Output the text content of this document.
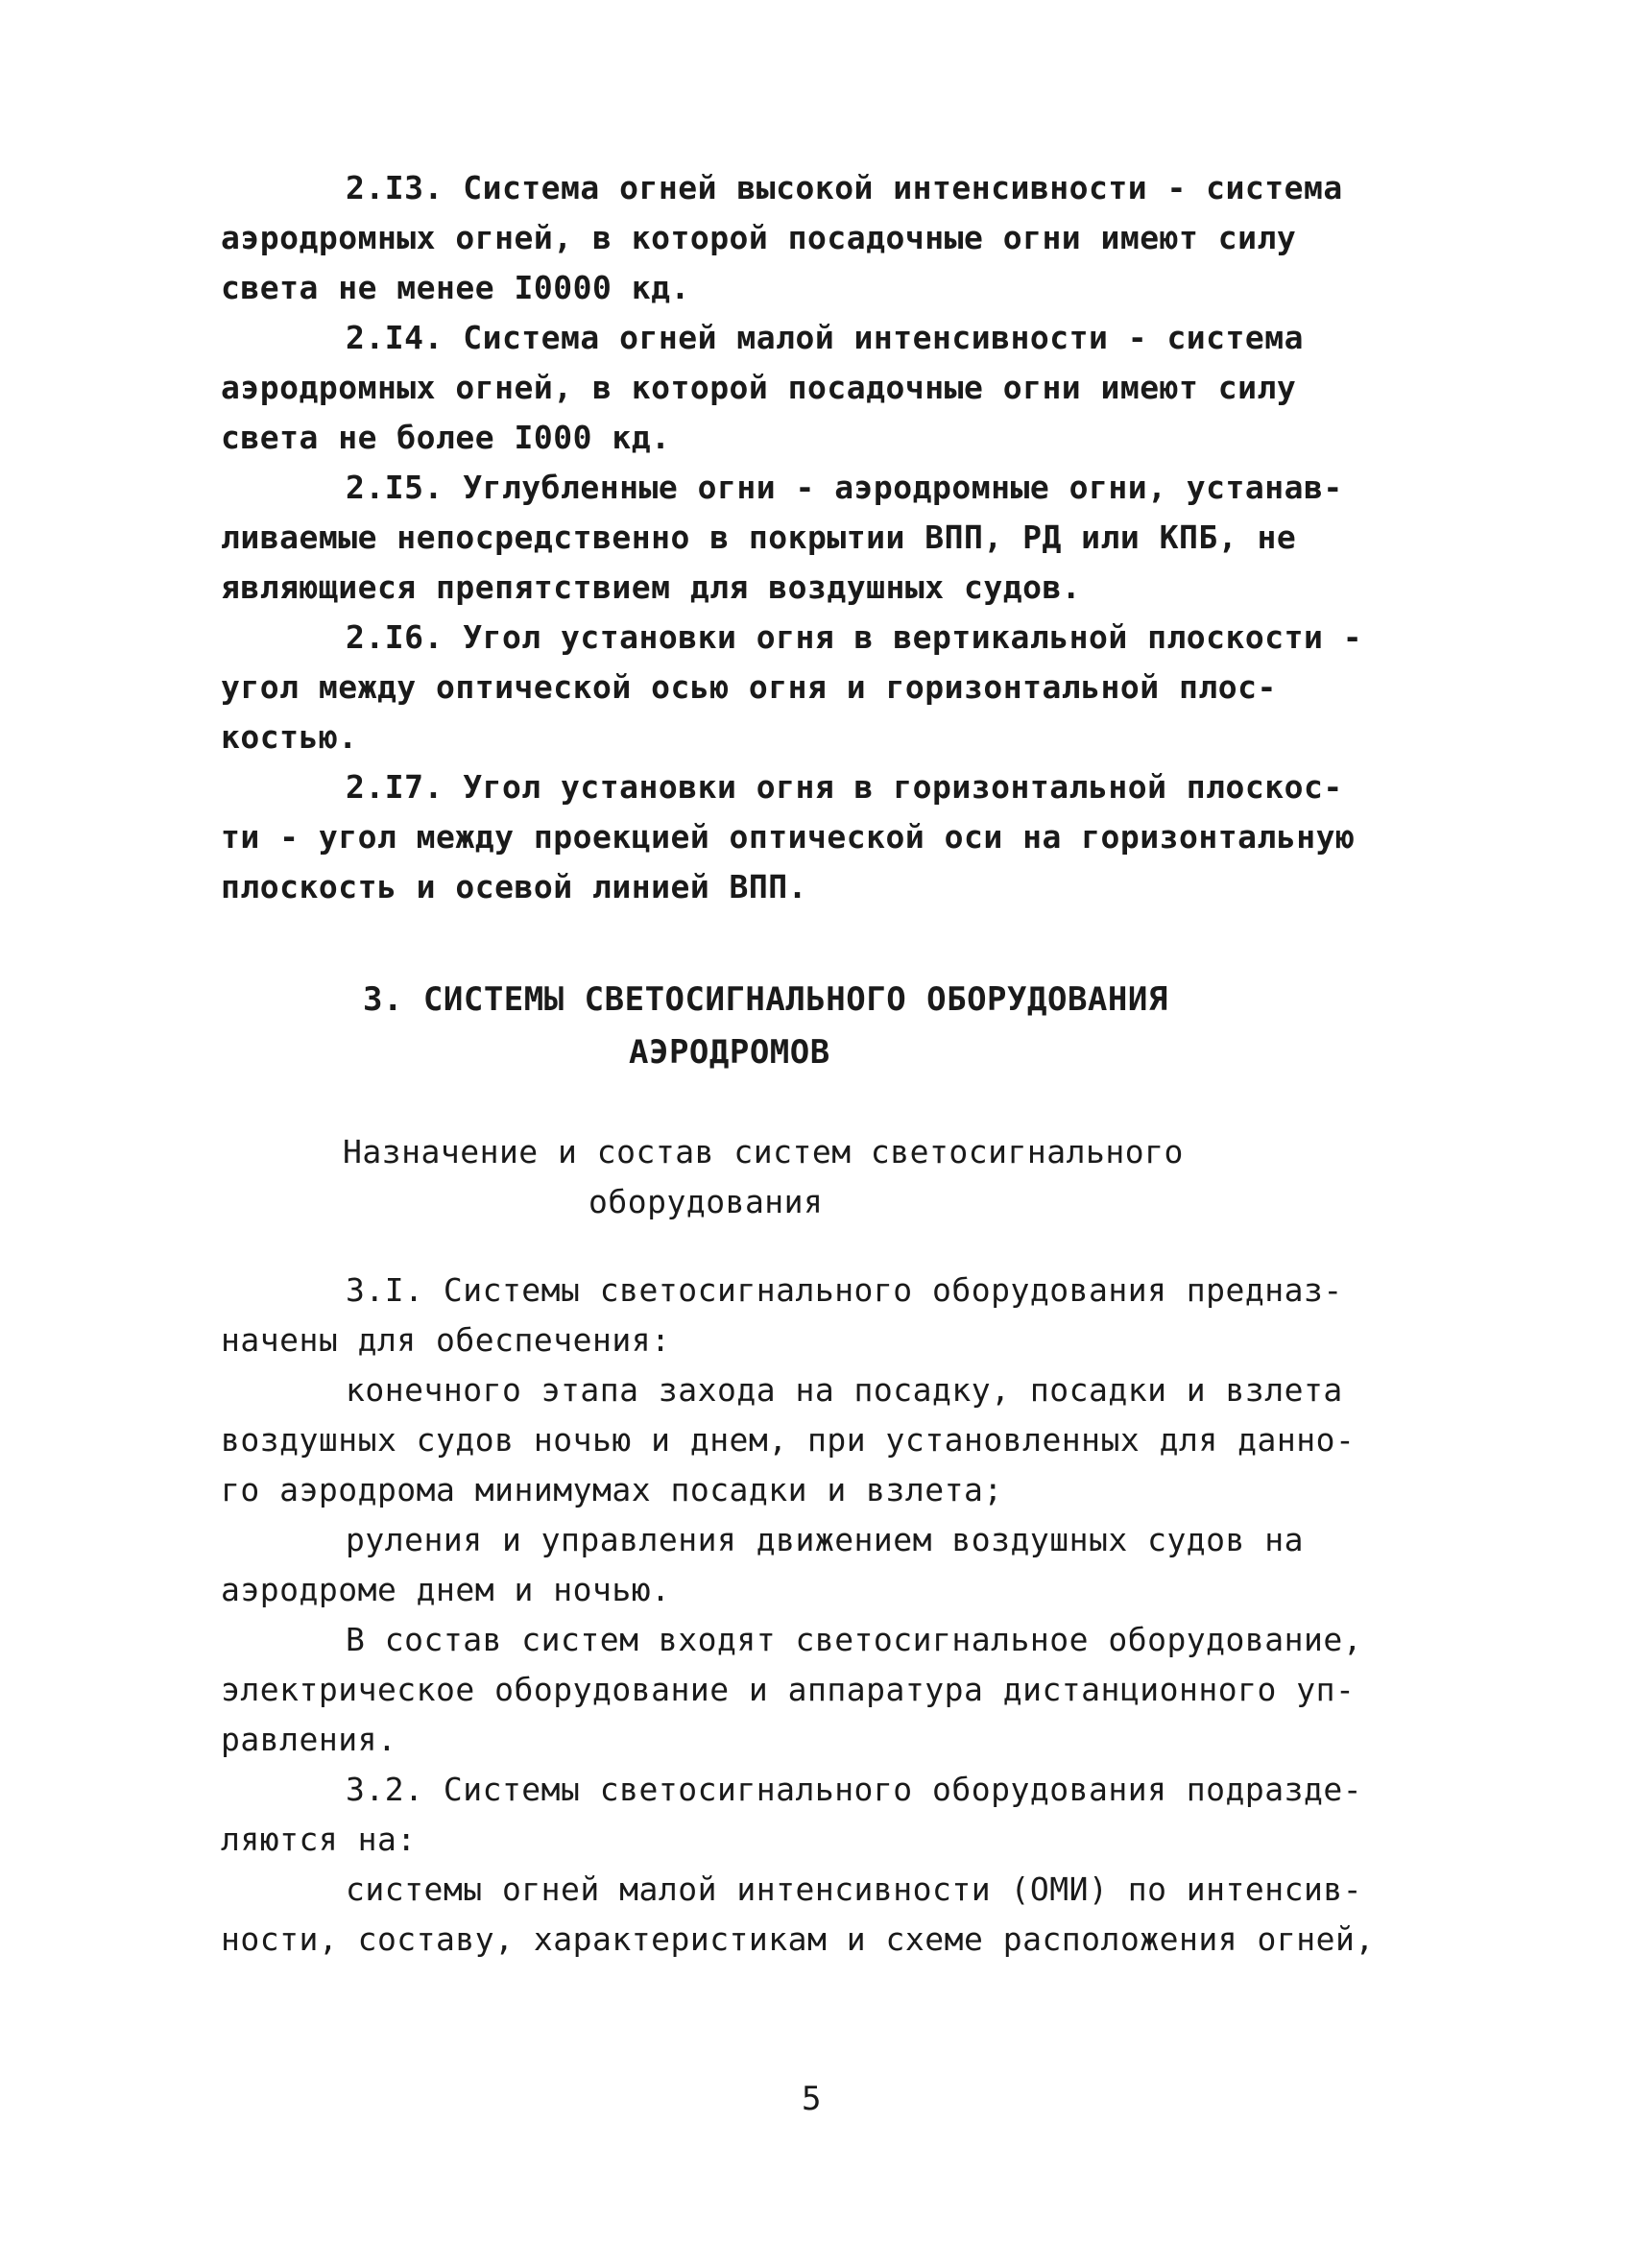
2.I3. Система огней высокой интенсивности - система
аэродромных огней, в которой посадочные огни имеют силу
света не менее I0000 кд.
2.I4. Система огней малой интенсивности - система
аэродромных огней, в которой посадочные огни имеют силу
света не более I000 кд.
2.I5. Углубленные огни - аэродромные огни, устанав-
ливаемые непосредственно в покрытии ВПП, РД или КПБ, не
являющиеся препятствием для воздушных судов.
2.I6. Угол установки огня в вертикальной плоскости -
угол между оптической осью огня и горизонтальной плос-
костью.
2.I7. Угол установки огня в горизонтальной плоскос-
ти - угол между проекцией оптической оси на горизонтальную
плоскость и осевой линией ВПП.
3. СИСТЕМЫ СВЕТОСИГНАЛЬНОГО ОБОРУДОВАНИЯ
АЭРОДРОМОВ
Назначение и состав систем светосигнального
оборудования
3.I. Системы светосигнального оборудования предназ-
начены для обеспечения:
конечного этапа захода на посадку, посадки и взлета
воздушных судов ночью и днем, при установленных для данно-
го аэродрома минимумах посадки и взлета;
руления и управления движением воздушных судов на
аэродроме днем и ночью.
В состав систем входят светосигнальное оборудование,
электрическое оборудование и аппаратура дистанционного уп-
равления.
3.2. Системы светосигнального оборудования подразде-
ляются на:
системы огней малой интенсивности (ОМИ) по интенсив-
ности, составу, характеристикам и схеме расположения огней,
5
